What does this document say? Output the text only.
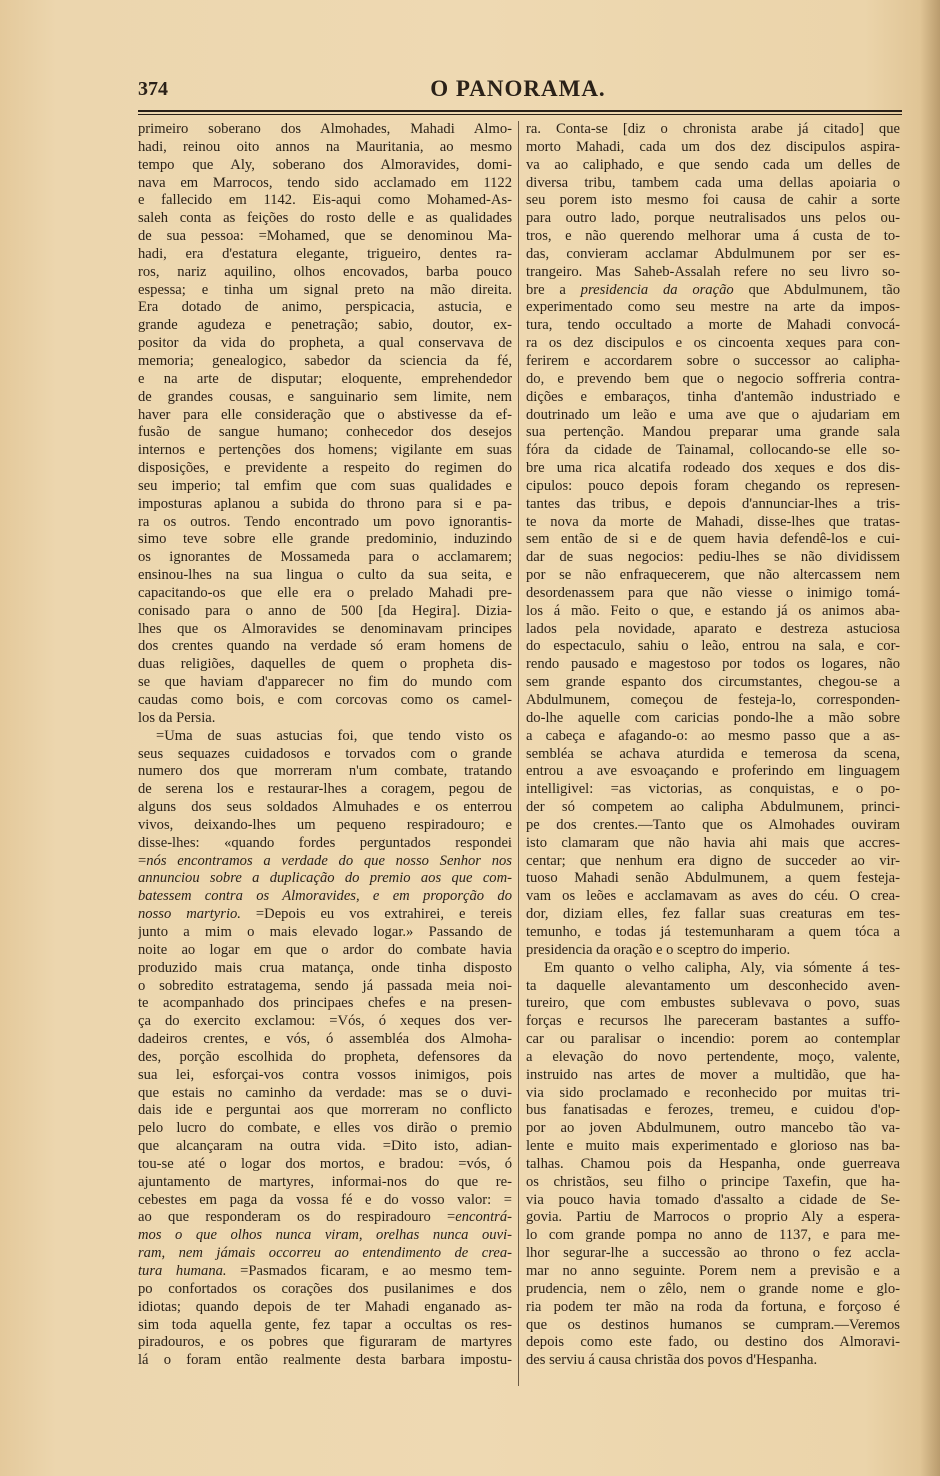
374	O PANORAMA.
primeiro soberano dos Almohades, Mahadi Almo-
hadi, reinou oito annos na Mauritania, ao mesmo
tempo que Aly, soberano dos Almoravides, domi-
nava em Marrocos, tendo sido acclamado em 1122
e fallecido em 1142. Eis-aqui como Mohamed-As-
saleh conta as feições do rosto delle e as qualidades
de sua pessoa: =Mohamed, que se denominou Ma-
hadi, era d'estatura elegante, trigueiro, dentes ra-
ros, nariz aquilino, olhos encovados, barba pouco
espessa; e tinha um signal preto na mão direita.
Era dotado de animo, perspicacia, astucia, e
grande agudeza e penetração; sabio, doutor, ex-
positor da vida do propheta, a qual conservava de
memoria; genealogico, sabedor da sciencia da fé,
e na arte de disputar; eloquente, emprehendedor
de grandes cousas, e sanguinario sem limite, nem
haver para elle consideração que o abstivesse da ef-
fusão de sangue humano; conhecedor dos desejos
internos e pertenções dos homens; vigilante em suas
disposições, e previdente a respeito do regimen do
seu imperio; tal emfim que com suas qualidades e
imposturas aplanou a subida do throno para si e pa-
ra os outros. Tendo encontrado um povo ignorantis-
simo teve sobre elle grande predominio, induzindo
os ignorantes de Mossameda para o acclamarem;
ensinou-lhes na sua lingua o culto da sua seita, e
capacitando-os que elle era o prelado Mahadi pre-
conisado para o anno de 500 [da Hegira]. Dizia-
lhes que os Almoravides se denominavam principes
dos crentes quando na verdade só eram homens de
duas religiões, daquelles de quem o propheta dis-
se que haviam d'apparecer no fim do mundo com
caudas como bois, e com corcovas como os camel-
los da Persia.
=Uma de suas astucias foi, que tendo visto os
seus sequazes cuidadosos e torvados com o grande
numero dos que morreram n'um combate, tratando
de serena los e restaurar-lhes a coragem, pegou de
alguns dos seus soldados Almuhades e os enterrou
vivos, deixando-lhes um pequeno respiradouro; e
disse-lhes: «quando fordes perguntados respondei
=nós encontramos a verdade do que nosso Senhor nos
annunciou sobre a duplicação do premio aos que com-
batessem contra os Almoravides, e em proporção do
nosso martyrio. =Depois eu vos extrahirei, e tereis
junto a mim o mais elevado logar.» Passando de
noite ao logar em que o ardor do combate havia
produzido mais crua matança, onde tinha disposto
o sobredito estratagema, sendo já passada meia noi-
te acompanhado dos principaes chefes e na presen-
ça do exercito exclamou: =Vós, ó xeques dos ver-
dadeiros crentes, e vós, ó assembléa dos Almoha-
des, porção escolhida do propheta, defensores da
sua lei, esforçai-vos contra vossos inimigos, pois
que estais no caminho da verdade: mas se o duvi-
dais ide e perguntai aos que morreram no conflicto
pelo lucro do combate, e elles vos dirão o premio
que alcançaram na outra vida. =Dito isto, adian-
tou-se até o logar dos mortos, e bradou: =vós, ó
ajuntamento de martyres, informai-nos do que re-
cebestes em paga da vossa fé e do vosso valor: =
ao que responderam os do respiradouro =encontrá-
mos o que olhos nunca viram, orelhas nunca ouvi-
ram, nem jámais occorreu ao entendimento de crea-
tura humana. =Pasmados ficaram, e ao mesmo tem-
po confortados os corações dos pusilanimes e dos
idiotas; quando depois de ter Mahadi enganado as-
sim toda aquella gente, fez tapar a occultas os res-
piradouros, e os pobres que figuraram de martyres
lá o foram então realmente desta barbara impostu-
ra. Conta-se [diz o chronista arabe já citado] que
morto Mahadi, cada um dos dez discipulos aspira-
va ao caliphado, e que sendo cada um delles de
diversa tribu, tambem cada uma dellas apoiaria o
seu porem isto mesmo foi causa de cahir a sorte
para outro lado, porque neutralisados uns pelos ou-
tros, e não querendo melhorar uma á custa de to-
das, convieram acclamar Abdulmunem por ser es-
trangeiro. Mas Saheb-Assalah refere no seu livro so-
bre a presidencia da oração que Abdulmunem, tão
experimentado como seu mestre na arte da impos-
tura, tendo occultado a morte de Mahadi convocá-
ra os dez discipulos e os cincoenta xeques para con-
ferirem e accordarem sobre o successor ao calipha-
do, e prevendo bem que o negocio soffreria contra-
dições e embaraços, tinha d'antemão industriado e
doutrinado um leão e uma ave que o ajudariam em
sua pertenção. Mandou preparar uma grande sala
fóra da cidade de Tainamal, collocando-se elle so-
bre uma rica alcatifa rodeado dos xeques e dos dis-
cipulos: pouco depois foram chegando os represen-
tantes das tribus, e depois d'annunciar-lhes a tris-
te nova da morte de Mahadi, disse-lhes que tratas-
sem então de si e de quem havia defendê-los e cui-
dar de suas negocios: pediu-lhes se não dividissem
por se não enfraquecerem, que não altercassem nem
desordenassem para que não viesse o inimigo tomá-
los á mão. Feito o que, e estando já os animos aba-
lados pela novidade, aparato e destreza astuciosa
do espectaculo, sahiu o leão, entrou na sala, e cor-
rendo pausado e magestoso por todos os logares, não
sem grande espanto dos circumstantes, chegou-se a
Abdulmunem, começou de festeja-lo, corresponden-
do-lhe aquelle com caricias pondo-lhe a mão sobre
a cabeça e afagando-o: ao mesmo passo que a as-
sembléa se achava aturdida e temerosa da scena,
entrou a ave esvoaçando e proferindo em linguagem
intelligivel: =as victorias, as conquistas, e o po-
der só competem ao calipha Abdulmunem, princi-
pe dos crentes.—Tanto que os Almohades ouviram
isto clamaram que não havia ahi mais que accres-
centar; que nenhum era digno de succeder ao vir-
tuoso Mahadi senão Abdulmunem, a quem festeja-
vam os leões e acclamavam as aves do céu. O crea-
dor, diziam elles, fez fallar suas creaturas em tes-
temunho, e todas já testemunharam a quem tóca a
presidencia da oração e o sceptro do imperio.
Em quanto o velho calipha, Aly, via sómente á tes-
ta daquelle alevantamento um desconhecido aven-
tureiro, que com embustes sublevava o povo, suas
forças e recursos lhe pareceram bastantes a suffo-
car ou paralisar o incendio: porem ao contemplar
a elevação do novo pertendente, moço, valente,
instruido nas artes de mover a multidão, que ha-
via sido proclamado e reconhecido por muitas tri-
bus fanatisadas e ferozes, tremeu, e cuidou d'op-
por ao joven Abdulmunem, outro mancebo tão va-
lente e muito mais experimentado e glorioso nas ba-
talhas. Chamou pois da Hespanha, onde guerreava
os christãos, seu filho o principe Taxefin, que ha-
via pouco havia tomado d'assalto a cidade de Se-
govia. Partiu de Marrocos o proprio Aly a espera-
lo com grande pompa no anno de 1137, e para me-
lhor segurar-lhe a successão ao throno o fez accla-
mar no anno seguinte. Porem nem a previsão e a
prudencia, nem o zêlo, nem o grande nome e glo-
ria podem ter mão na roda da fortuna, e forçoso é
que os destinos humanos se cumpram.—Veremos
depois como este fado, ou destino dos Almoravi-
des serviu á causa christãa dos povos d'Hespanha.
